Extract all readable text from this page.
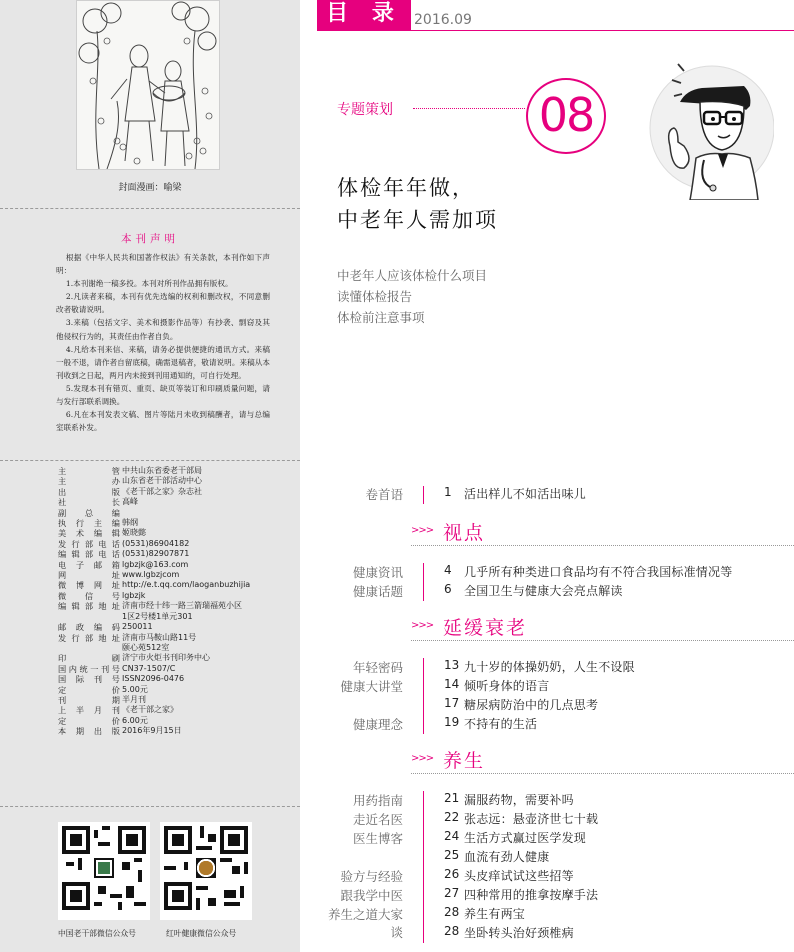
封面漫画：喻梁
本刊声明

根据《中华人民共和国著作权法》有关条款，本刊作如下声明：

1.本刊谢绝一稿多投。本刊对所刊作品拥有版权。

2.凡读者来稿，本刊有优先选编的权利和删改权，不同意删改者敬请说明。

3.来稿（包括文字、美术和摄影作品等）有抄袭、剽窃及其他侵权行为的，其责任由作者自负。

4.凡给本刊来信、来稿，请务必提供便捷的通讯方式。来稿一般不退，请作者自留底稿，确需退稿者，敬请说明。来稿从本刊收到之日起，两月内未接到刊用通知的，可自行处理。

5.发现本刊有错页、重页、缺页等装订和印刷质量问题，请与发行部联系调换。

6.凡在本刊发表文稿、图片等陆月未收到稿酬者，请与总编室联系补发。

主　　管 中共山东省委老干部局
主　　办 山东省老干部活动中心
出　　版 《老干部之家》杂志社
社　　长 高峰
副总编
执行主编 韩纲
美术编辑 姬晓懿
发行部电话 (0531)86904182
编辑部电话 (0531)82907871
电子邮箱 lgbzjk@163.com
网　　址 www.lgbzjcom
微博网址 http://e.t.qq.com/laoganbuzhijia
微　信　号 lgbzjk
编辑部地址 济南市经十纬一路三箭瑞福苑小区
1区2号楼1单元301
邮政编码 250011
发行部地址 济南市马鞍山路11号
颐心苑512室
印　　刷 济宁市火炬书刊印务中心
国内统一刊号 CN37-1507/C
国际刊号 ISSN2096-0476
定　　价 5.00元
刊　　期 半月刊
上半月刊 《老干部之家》
定　　价 6.00元
本期出版 2016年9月15日
中国老干部微信公众号	红叶健康微信公众号
目 录 2016.09
专题策划	08
体检年年做，
中老年人需加项
中老年人应该体检什么项目
读懂体检报告
体检前注意事项
卷首语	1 活出样儿不如活出味儿
>>> 视点
健康资讯	4 几乎所有种类进口食品均有不符合我国标准情况等
健康话题	6 全国卫生与健康大会亮点解读
>>> 延缓衰老
年轻密码	13 九十岁的体操奶奶，人生不设限
健康大讲堂	14 倾听身体的语言
17 糖尿病防治中的几点思考
健康理念	19 不持有的生活
>>> 养生
用药指南	21 漏服药物，需要补吗
走近名医	22 张志远：悬壶济世七十载
医生博客	24 生活方式赢过医学发现
25 血流有劲人健康
验方与经验	26 头皮痒试试这些招等
跟我学中医	27 四种常用的推拿按摩手法
养生之道大家谈
28 养生有两宝
28 坐卧转头治好颈椎病
